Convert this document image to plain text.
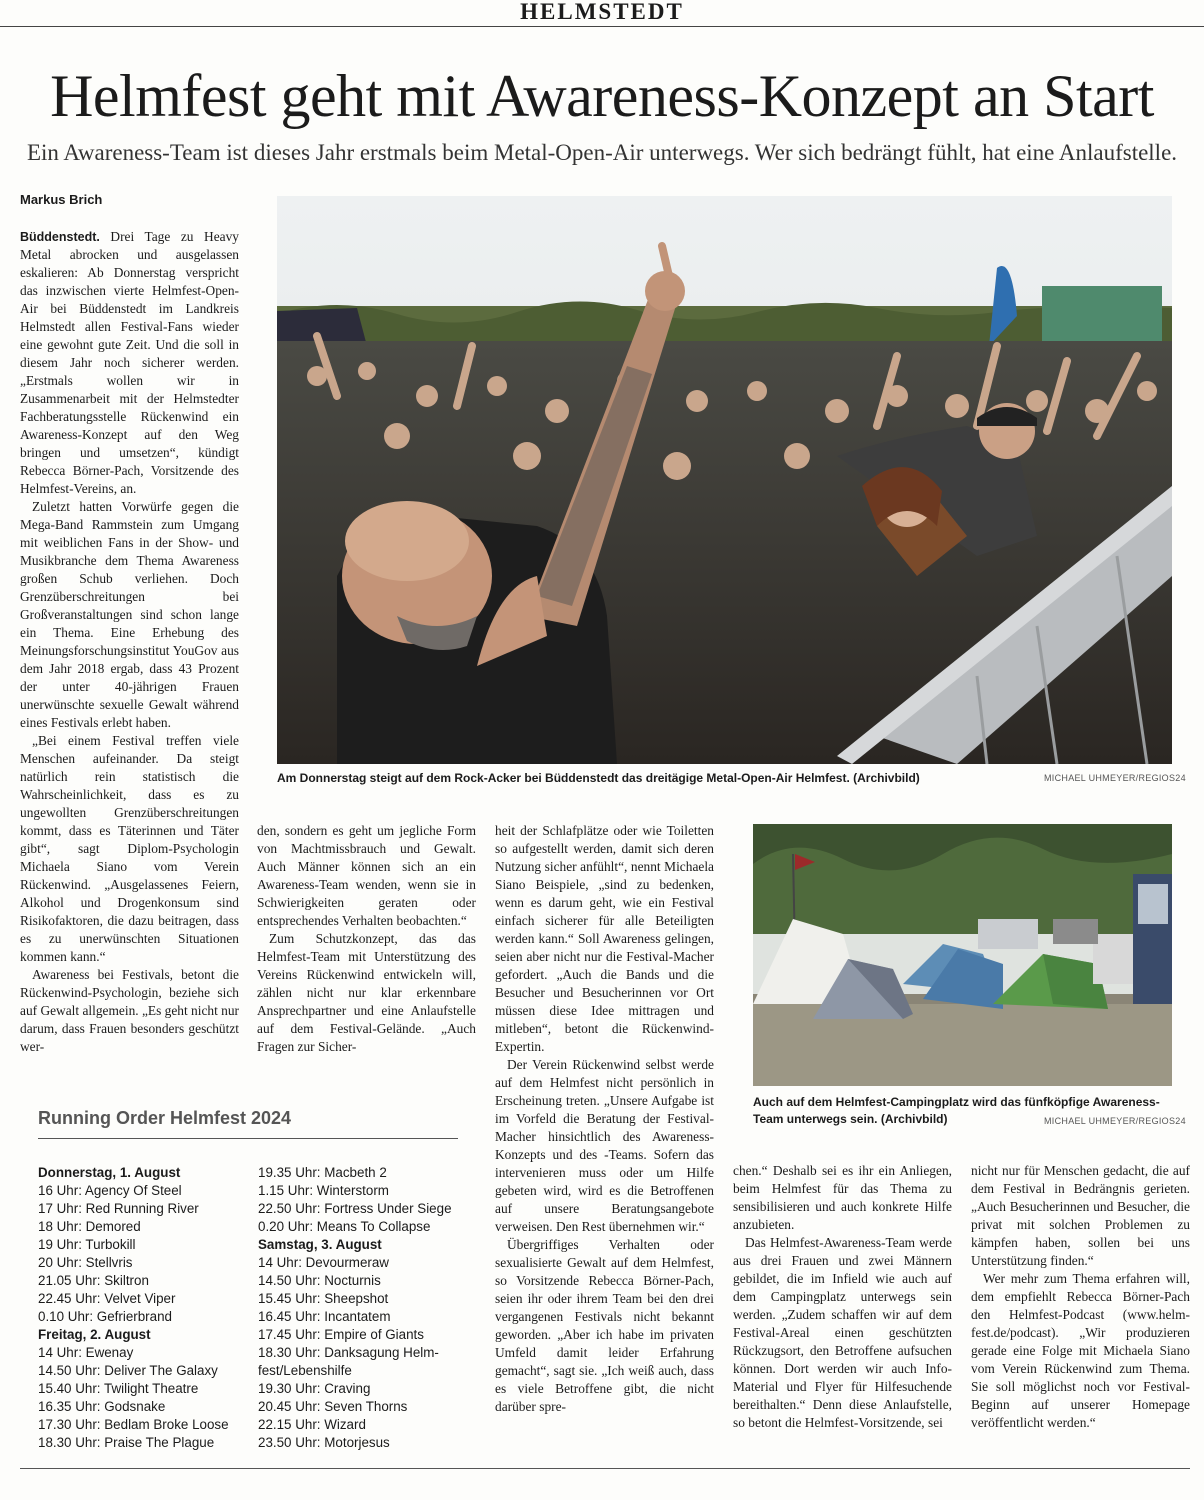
HELMSTEDT
Helmfest geht mit Awareness-Konzept an Start
Ein Awareness-Team ist dieses Jahr erstmals beim Metal-Open-Air unterwegs. Wer sich bedrängt fühlt, hat eine Anlaufstelle.
Markus Brich

Büddenstedt. Drei Tage zu Heavy Metal abrocken und ausgelassen eskalieren: Ab Donnerstag verspricht das inzwischen vierte Helmfest-Open-Air bei Büddenstedt im Landkreis Helmstedt allen Festival-Fans wieder eine gewohnt gute Zeit. Und die soll in diesem Jahr noch sicherer werden. „Erstmals wollen wir in Zusammenarbeit mit der Helmstedter Fachberatungsstelle Rückenwind ein Awareness-Konzept auf den Weg bringen und umsetzen“, kündigt Rebecca Börner-Pach, Vorsitzende des Helmfest-Vereins, an.

Zuletzt hatten Vorwürfe gegen die Mega-Band Rammstein zum Umgang mit weiblichen Fans in der Show- und Musikbranche dem Thema Awareness großen Schub verliehen. Doch Grenzüberschreitungen bei Großveranstaltungen sind schon lange ein Thema. Eine Erhebung des Meinungsforschungsinstitut YouGov aus dem Jahr 2018 ergab, dass 43 Prozent der unter 40-jährigen Frauen unerwünschte sexuelle Gewalt während eines Festivals erlebt haben.

„Bei einem Festival treffen viele Menschen aufeinander. Da steigt natürlich rein statistisch die Wahrscheinlichkeit, dass es zu ungewollten Grenzüberschreitungen kommt, dass es Täterinnen und Täter gibt“, sagt Diplom-Psychologin Michaela Siano vom Verein Rückenwind. „Ausgelassenes Feiern, Alkohol und Drogenkonsum sind Risikofaktoren, die dazu beitragen, dass es zu unerwünschten Situationen kommen kann.“

Awareness bei Festivals, betont die Rückenwind-Psychologin, beziehe sich auf Gewalt allgemein. „Es geht nicht nur darum, dass Frauen besonders geschützt wer-

Am Donnerstag steigt auf dem Rock-Acker bei Büddenstedt das dreitägige Metal-Open-Air Helmfest. (Archivbild)	MICHAEL UHMEYER/REGIOS24

den, sondern es geht um jegliche Form von Machtmissbrauch und Gewalt. Auch Männer können sich an ein Awareness-Team wenden, wenn sie in Schwierigkeiten geraten oder entsprechendes Verhalten beobachten.“

Zum Schutzkonzept, das das Helmfest-Team mit Unterstützung des Vereins Rückenwind entwickeln will, zählen nicht nur klar erkennbare Ansprechpartner und eine Anlaufstelle auf dem Festival-Gelände. „Auch Fragen zur Sicher-

heit der Schlafplätze oder wie Toiletten so aufgestellt werden, damit sich deren Nutzung sicher anfühlt“, nennt Michaela Siano Beispiele, „sind zu bedenken, wenn es darum geht, wie ein Festival einfach sicherer für alle Beteiligten werden kann.“ Soll Awareness gelingen, seien aber nicht nur die Festival-Macher gefordert. „Auch die Bands und die Besucher und Besucherinnen vor Ort müssen diese Idee mittragen und mitleben“, betont die Rückenwind-Expertin.

Der Verein Rückenwind selbst werde auf dem Helmfest nicht persönlich in Erscheinung treten. „Unsere Aufgabe ist im Vorfeld die Beratung der Festival-Macher hinsichtlich des Awareness-Konzepts und des -Teams. Sofern das intervenieren muss oder um Hilfe gebeten wird, wird es die Betroffenen auf unsere Beratungsangebote verweisen. Den Rest übernehmen wir.“

Übergriffiges Verhalten oder sexualisierte Gewalt auf dem Helmfest, so Vorsitzende Rebecca Börner-Pach, seien ihr oder ihrem Team bei den drei vergangenen Festivals nicht bekannt geworden. „Aber ich habe im privaten Umfeld damit leider Erfahrung gemacht“, sagt sie. „Ich weiß auch, dass es viele Betroffene gibt, die nicht darüber spre-

Auch auf dem Helmfest-Campingplatz wird das fünfköpfige Awareness-Team unterwegs sein. (Archivbild)	MICHAEL UHMEYER/REGIOS24

chen.“ Deshalb sei es ihr ein Anliegen, beim Helmfest für das Thema zu sensibilisieren und auch konkrete Hilfe anzubieten.

Das Helmfest-Awareness-Team werde aus drei Frauen und zwei Männern gebildet, die im Infield wie auch auf dem Campingplatz unterwegs sein werden. „Zudem schaffen wir auf dem Festival-Areal einen geschützten Rückzugsort, den Betroffene aufsuchen können. Dort werden wir auch Info-Material und Flyer für Hilfesuchende bereithalten.“ Denn diese Anlaufstelle, so betont die Helmfest-Vorsitzende, sei

nicht nur für Menschen gedacht, die auf dem Festival in Bedrängnis gerieten. „Auch Besucherinnen und Besucher, die privat mit solchen Problemen zu kämpfen haben, sollen bei uns Unterstützung finden.“

Wer mehr zum Thema erfahren will, dem empfiehlt Rebecca Börner-Pach den Helmfest-Podcast (www.helm-fest.de/podcast). „Wir produzieren gerade eine Folge mit Michaela Siano vom Verein Rückenwind zum Thema. Sie soll möglichst noch vor Festival-Beginn auf unserer Homepage veröffentlicht werden.“

Running Order Helmfest 2024
Donnerstag, 1. August
16 Uhr: Agency Of Steel
17 Uhr: Red Running River
18 Uhr: Demored
19 Uhr: Turbokill
20 Uhr: Stellvris
21.05 Uhr: Skiltron
22.45 Uhr: Velvet Viper
0.10 Uhr: Gefrierbrand
Freitag, 2. August
14 Uhr: Ewenay
14.50 Uhr: Deliver The Galaxy
15.40 Uhr: Twilight Theatre
16.35 Uhr: Godsnake
17.30 Uhr: Bedlam Broke Loose
18.30 Uhr: Praise The Plague
19.35 Uhr: Macbeth 2
1.15 Uhr: Winterstorm
22.50 Uhr: Fortress Under Siege
0.20 Uhr: Means To Collapse
Samstag, 3. August
14 Uhr: Devourmeraw
14.50 Uhr: Nocturnis
15.45 Uhr: Sheepshot
16.45 Uhr: Incantatem
17.45 Uhr: Empire of Giants
18.30 Uhr: Danksagung Helm-
fest/Lebenshilfe
19.30 Uhr: Craving
20.45 Uhr: Seven Thorns
22.15 Uhr: Wizard
23.50 Uhr: Motorjesus
